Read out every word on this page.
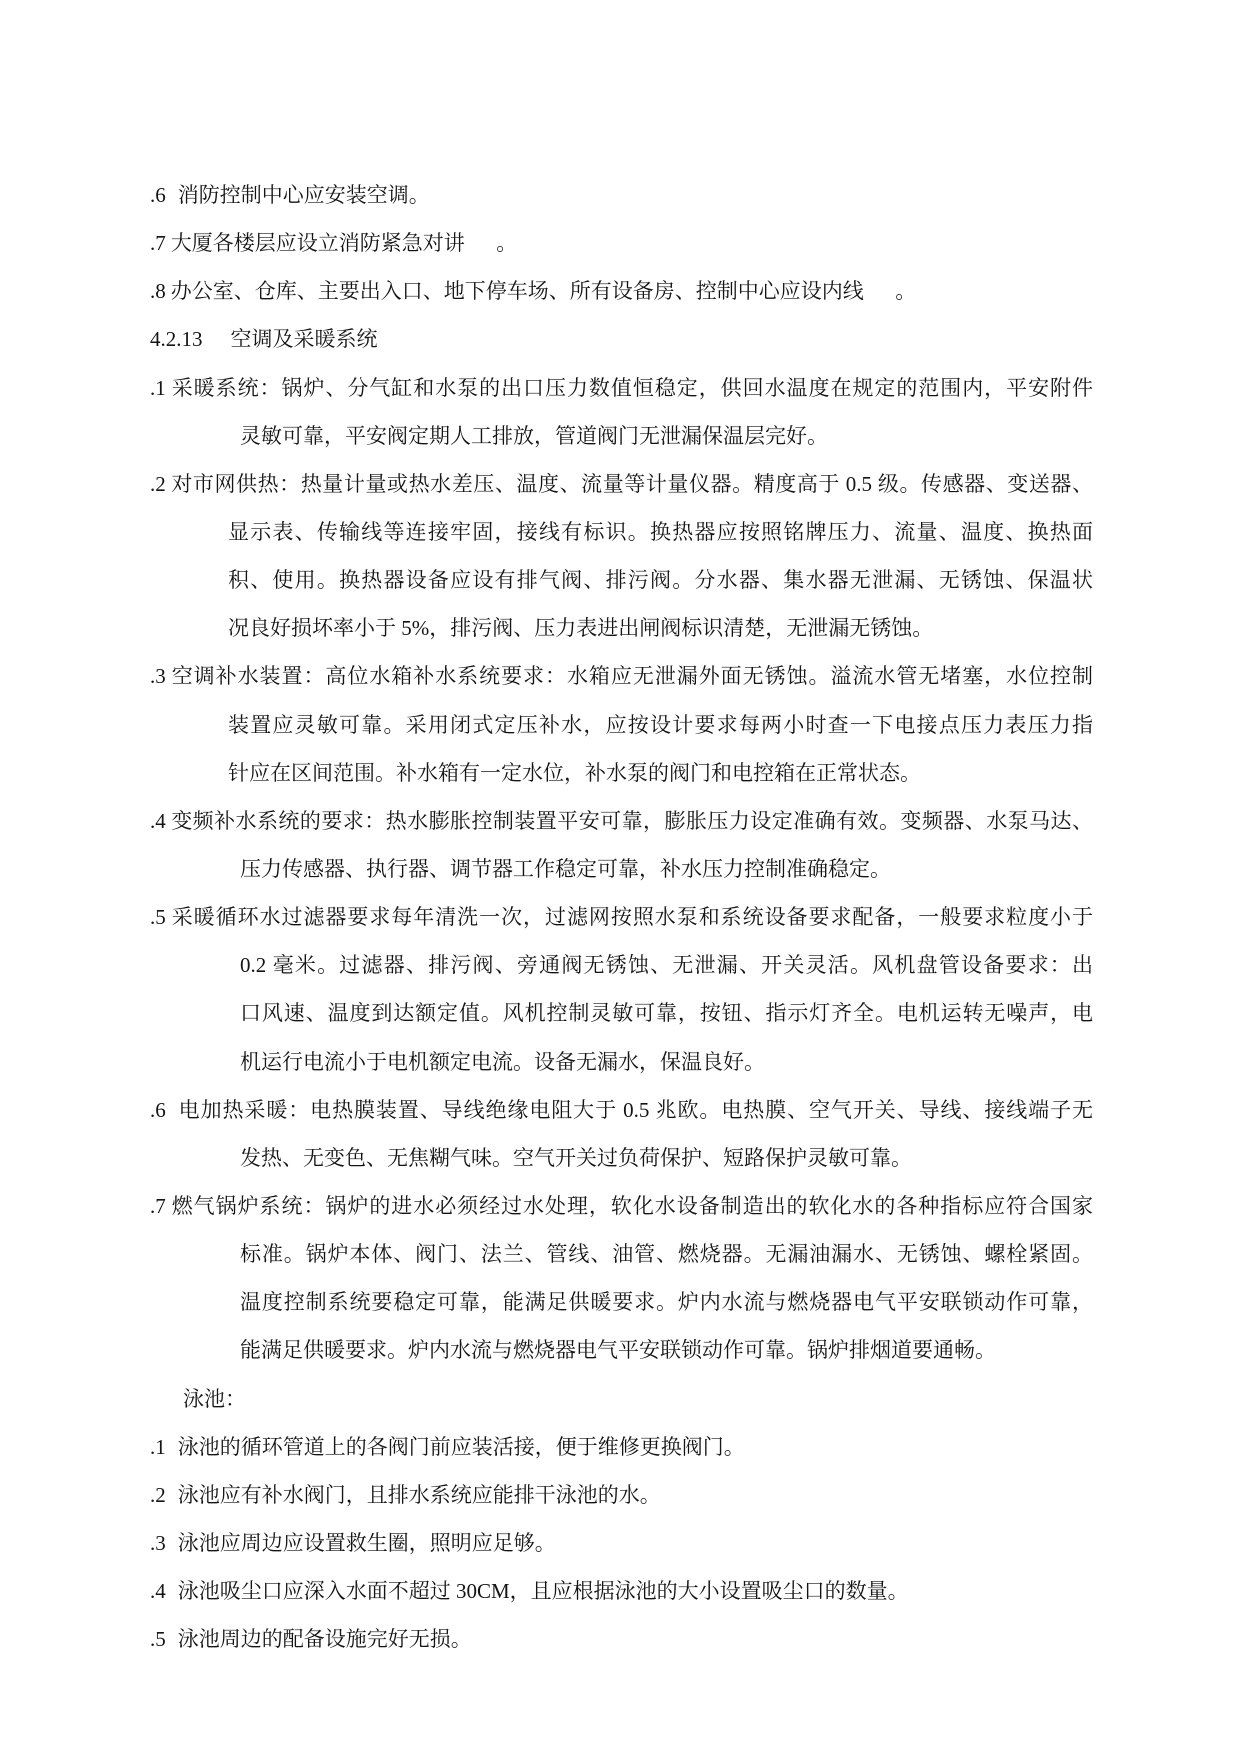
.6 消防控制中心应安装空调。
.7 大厦各楼层应设立消防紧急对讲      。
.8 办公室、仓库、主要出入口、地下停车场、所有设备房、控制中心应设内线      。
4.2.13 空调及采暖系统
.1 采暖系统：锅炉、分气缸和水泵的出口压力数值恒稳定，供回水温度在规定的范围内，平安附件
灵敏可靠，平安阀定期人工排放，管道阀门无泄漏保温层完好。
.2 对市网供热：热量计量或热水差压、温度、流量等计量仪器。精度高于 0.5 级。传感器、变送器、
显示表、传输线等连接牢固，接线有标识。换热器应按照铭牌压力、流量、温度、换热面
积、使用。换热器设备应设有排气阀、排污阀。分水器、集水器无泄漏、无锈蚀、保温状
况良好损坏率小于 5%，排污阀、压力表进出闸阀标识清楚，无泄漏无锈蚀。
.3 空调补水装置：高位水箱补水系统要求：水箱应无泄漏外面无锈蚀。溢流水管无堵塞，水位控制
装置应灵敏可靠。采用闭式定压补水，应按设计要求每两小时查一下电接点压力表压力指
针应在区间范围。补水箱有一定水位，补水泵的阀门和电控箱在正常状态。
.4 变频补水系统的要求：热水膨胀控制装置平安可靠，膨胀压力设定准确有效。变频器、水泵马达、
压力传感器、执行器、调节器工作稳定可靠，补水压力控制准确稳定。
.5 采暖循环水过滤器要求每年清洗一次，过滤网按照水泵和系统设备要求配备，一般要求粒度小于
0.2 毫米。过滤器、排污阀、旁通阀无锈蚀、无泄漏、开关灵活。风机盘管设备要求：出
口风速、温度到达额定值。风机控制灵敏可靠，按钮、指示灯齐全。电机运转无噪声，电
机运行电流小于电机额定电流。设备无漏水，保温良好。
.6 电加热采暖：电热膜装置、导线绝缘电阻大于 0.5 兆欧。电热膜、空气开关、导线、接线端子无
发热、无变色、无焦糊气味。空气开关过负荷保护、短路保护灵敏可靠。
.7 燃气锅炉系统：锅炉的进水必须经过水处理，软化水设备制造出的软化水的各种指标应符合国家
标准。锅炉本体、阀门、法兰、管线、油管、燃烧器。无漏油漏水、无锈蚀、螺栓紧固。
温度控制系统要稳定可靠，能满足供暖要求。炉内水流与燃烧器电气平安联锁动作可靠，
能满足供暖要求。炉内水流与燃烧器电气平安联锁动作可靠。锅炉排烟道要通畅。
泳池：
.1 泳池的循环管道上的各阀门前应装活接，便于维修更换阀门。
.2 泳池应有补水阀门，且排水系统应能排干泳池的水。
.3 泳池应周边应设置救生圈，照明应足够。
.4 泳池吸尘口应深入水面不超过 30CM，且应根据泳池的大小设置吸尘口的数量。
.5 泳池周边的配备设施完好无损。
